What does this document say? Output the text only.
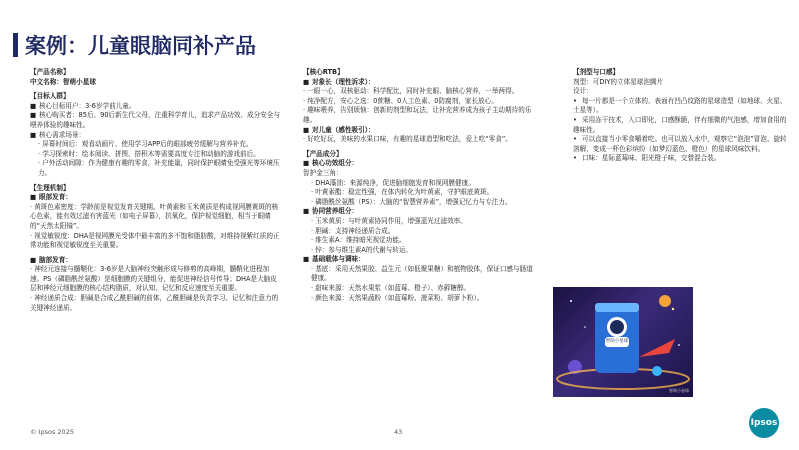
案例：儿童眼脑同补产品

【产品名称】

中文名称：智萌小星球

【目标人群】

■ 核心目标用户：3-6岁学前儿童。

■ 核心购买者：85后、90后新生代父母，注重科学育儿，追求产品功效、成分安全与喂养体验的趣味性。

■ 核心需求场景：

· 屏幕时间后：观看动画片、使用学习APP后的眼部疲劳缓解与营养补充。

· 学习探索时：绘本阅读、拼图、搭积木等需要高度专注和动脑的游戏前后。

· 户外活动间隙：作为健康有趣的零食，补充能量，同时保护眼睛免受强光等环境压力。

【生理机制】

■ 眼部发育：

· 黄斑色素密度：学龄前是视觉发育关键期。叶黄素和玉米黄质是构成视网膜黄斑的核心色素，能有效过滤有害蓝光（如电子屏幕），抗氧化，保护视觉细胞，相当于眼睛的“天然太阳镜”。

· 视觉敏锐度：DHA是视网膜光受体中最丰富的多不饱和脂肪酸，对维持视紫红质的正常功能和视觉敏锐度至关重要。

■ 脑部发育：

· 神经元连接与髓鞘化：3-6岁是大脑神经突触形成与修剪的高峰期，髓鞘化进程加速。PS（磷脂酰丝氨酸）是细胞膜的关键组分，能促进神经信号传导；DHA是大脑皮层和神经元细胞膜的核心结构脂质，对认知、记忆和反应速度至关重要。

· 神经递质合成：胆碱是合成乙酰胆碱的前体，乙酰胆碱是负责学习、记忆和注意力的关键神经递质。

【核心RTB】

■ 对象长（理性诉求）：

· 一眼一心，双核驱动：科学配比，同时补充眼、脑核心营养，一举两得。

· 纯净配方，安心之选：0蔗糖、0人工色素、0防腐剂，家长放心。

· 趣味喂养，告别烦恼：创新的剂型和玩法，让补充营养成为孩子主动期待的乐趣。

■ 对儿童（感性吸引）：

· 好吃好玩，美味的水果口味，有趣的星球造型和吃法，爱上吃“零食”。

【产品成分】

■ 核心功效组分：

智护金三角：

· DHA藻油：来源纯净，促进脑细胞发育和视网膜健康。

· 叶黄素酯：稳定性强，在体内转化为叶黄素，守护眼底黄斑。

· 磷脂酰丝氨酸（PS）：大脑的“智慧营养素”，增强记忆力与专注力。

■ 协同营养组分：

· 玉米黄质：与叶黄素协同作用，增强蓝光过滤效率。

· 胆碱：支持神经递质合成。

· 维生素A：维持暗光视觉功能。

· 锌：参与维生素A的代谢与转运。

■ 基础载体与调味：

· 基底：采用天然果胶、益生元（如低聚果糖）和植物胶体，保证口感与肠道健康。

· 甜味来源：天然水果浆（如蓝莓、橙子）、赤藓糖醇。

· 颜色来源：天然果蔬粉（如蓝莓粉、菠菜粉、胡萝卜粉）。

【剂型与口感】

剂型：可DIY的立体星球泡腾片

设计：

• 每一片都是一个立体的、表面有凹凸纹路的星球造型（如地球、火星、土星等）。

• 采用冻干技术，入口即化，口感酥脆，伴有细微的气泡感，增加食用的趣味性。

• 可以直接当小零食嚼着吃。也可以放入水中，观察它“泡泡”冒泡、旋转溶解，变成一杯色彩缤纷（如梦幻蓝色、橙色）的星球风味饮料。

• 口味：星际蓝莓味、阳光橙子味，交替混合装。

智萌小星球
智萌小星球
© Ipsos 2025	43
Ipsos
